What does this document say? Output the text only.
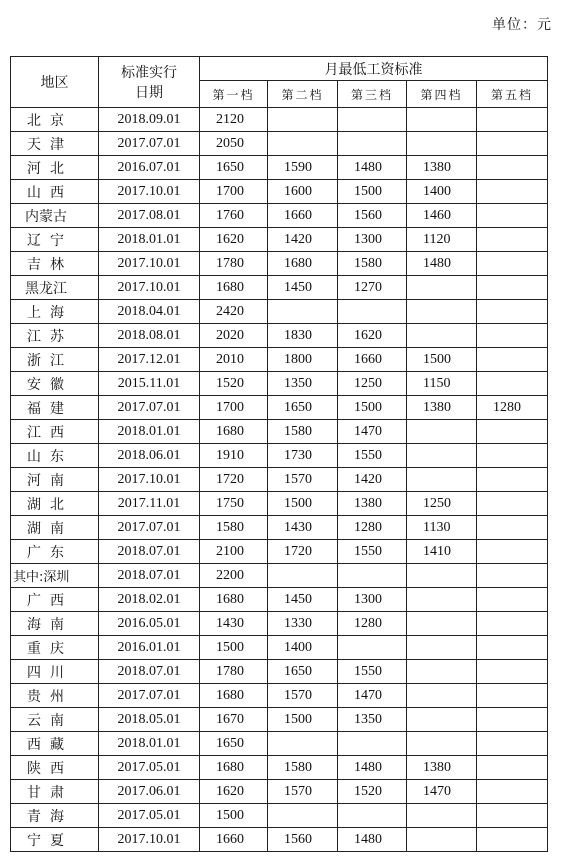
单位：元
地区	标准实行
日期	月最低工资标准				
		第一档	第二档	第三档	第四档	第五档
北京	2018.09.01	2120				
天津	2017.07.01	2050				
河北	2016.07.01	1650	1590	1480	1380	
山西	2017.10.01	1700	1600	1500	1400	
内蒙古	2017.08.01	1760	1660	1560	1460	
辽宁	2018.01.01	1620	1420	1300	1120	
吉林	2017.10.01	1780	1680	1580	1480	
黑龙江	2017.10.01	1680	1450	1270		
上海	2018.04.01	2420				
江苏	2018.08.01	2020	1830	1620		
浙江	2017.12.01	2010	1800	1660	1500	
安徽	2015.11.01	1520	1350	1250	1150	
福建	2017.07.01	1700	1650	1500	1380	1280
江西	2018.01.01	1680	1580	1470		
山东	2018.06.01	1910	1730	1550		
河南	2017.10.01	1720	1570	1420		
湖北	2017.11.01	1750	1500	1380	1250	
湖南	2017.07.01	1580	1430	1280	1130	
广东	2018.07.01	2100	1720	1550	1410	
其中:深圳	2018.07.01	2200				
广西	2018.02.01	1680	1450	1300		
海南	2016.05.01	1430	1330	1280		
重庆	2016.01.01	1500	1400			
四川	2018.07.01	1780	1650	1550		
贵州	2017.07.01	1680	1570	1470		
云南	2018.05.01	1670	1500	1350		
西藏	2018.01.01	1650				
陕西	2017.05.01	1680	1580	1480	1380	
甘肃	2017.06.01	1620	1570	1520	1470	
青海	2017.05.01	1500				
宁夏	2017.10.01	1660	1560	1480		
